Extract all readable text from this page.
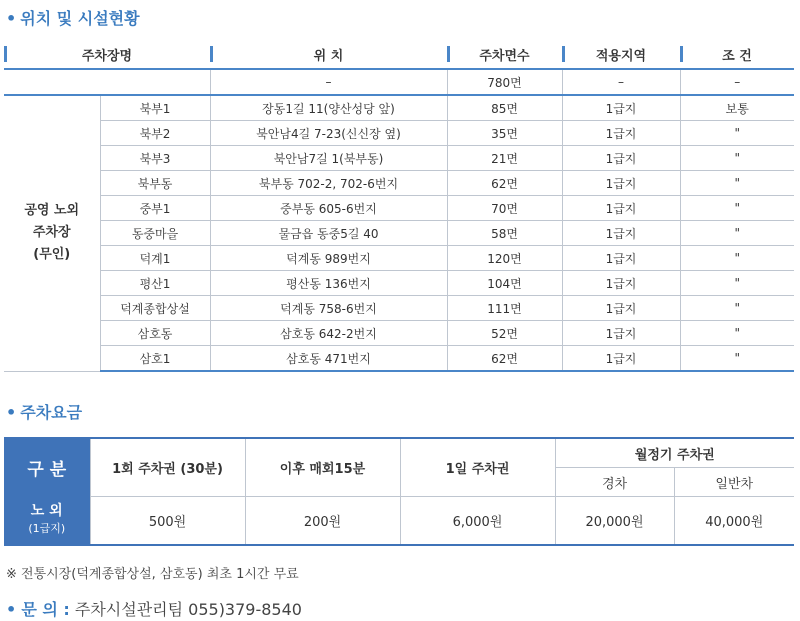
• 위치 및 시설현황
주차장명		위 치	주차면수	적용지역	조 건
계		–	780면	–	–

공영 노외
주차장
(무인)	북부1	장동1길 11(양산성당 앞)	85면	1급지	보통
	북부2	북안남4길 7-23(신신장 옆)	35면	1급지	"
	북부3	북안남7길 1(북부동)	21면	1급지	"
	북부동	북부동 702-2, 702-6번지	62면	1급지	"
	중부1	중부동 605-6번지	70면	1급지	"
	동중마을	물금읍 동중5길 40	58면	1급지	"
	덕계1	덕계동 989번지	120면	1급지	"
	평산1	평산동 136번지	104면	1급지	"
	덕계종합상설	덕계동 758-6번지	111면	1급지	"
	삼호동	삼호동 642-2번지	52면	1급지	"
	삼호1	삼호동 471번지	62면	1급지	"
• 주차요금
구 분	1회 주차권 (30분)	이후 매회15분	1일 주차권	월정기 주차권	
				경차	일반차

노 외
(1급지)	500원	200원	6,000원	20,000원	40,000원
※ 전통시장(덕계종합상설, 삼호동) 최초 1시간 무료
• 문 의 : 주차시설관리팀 055)379-8540
